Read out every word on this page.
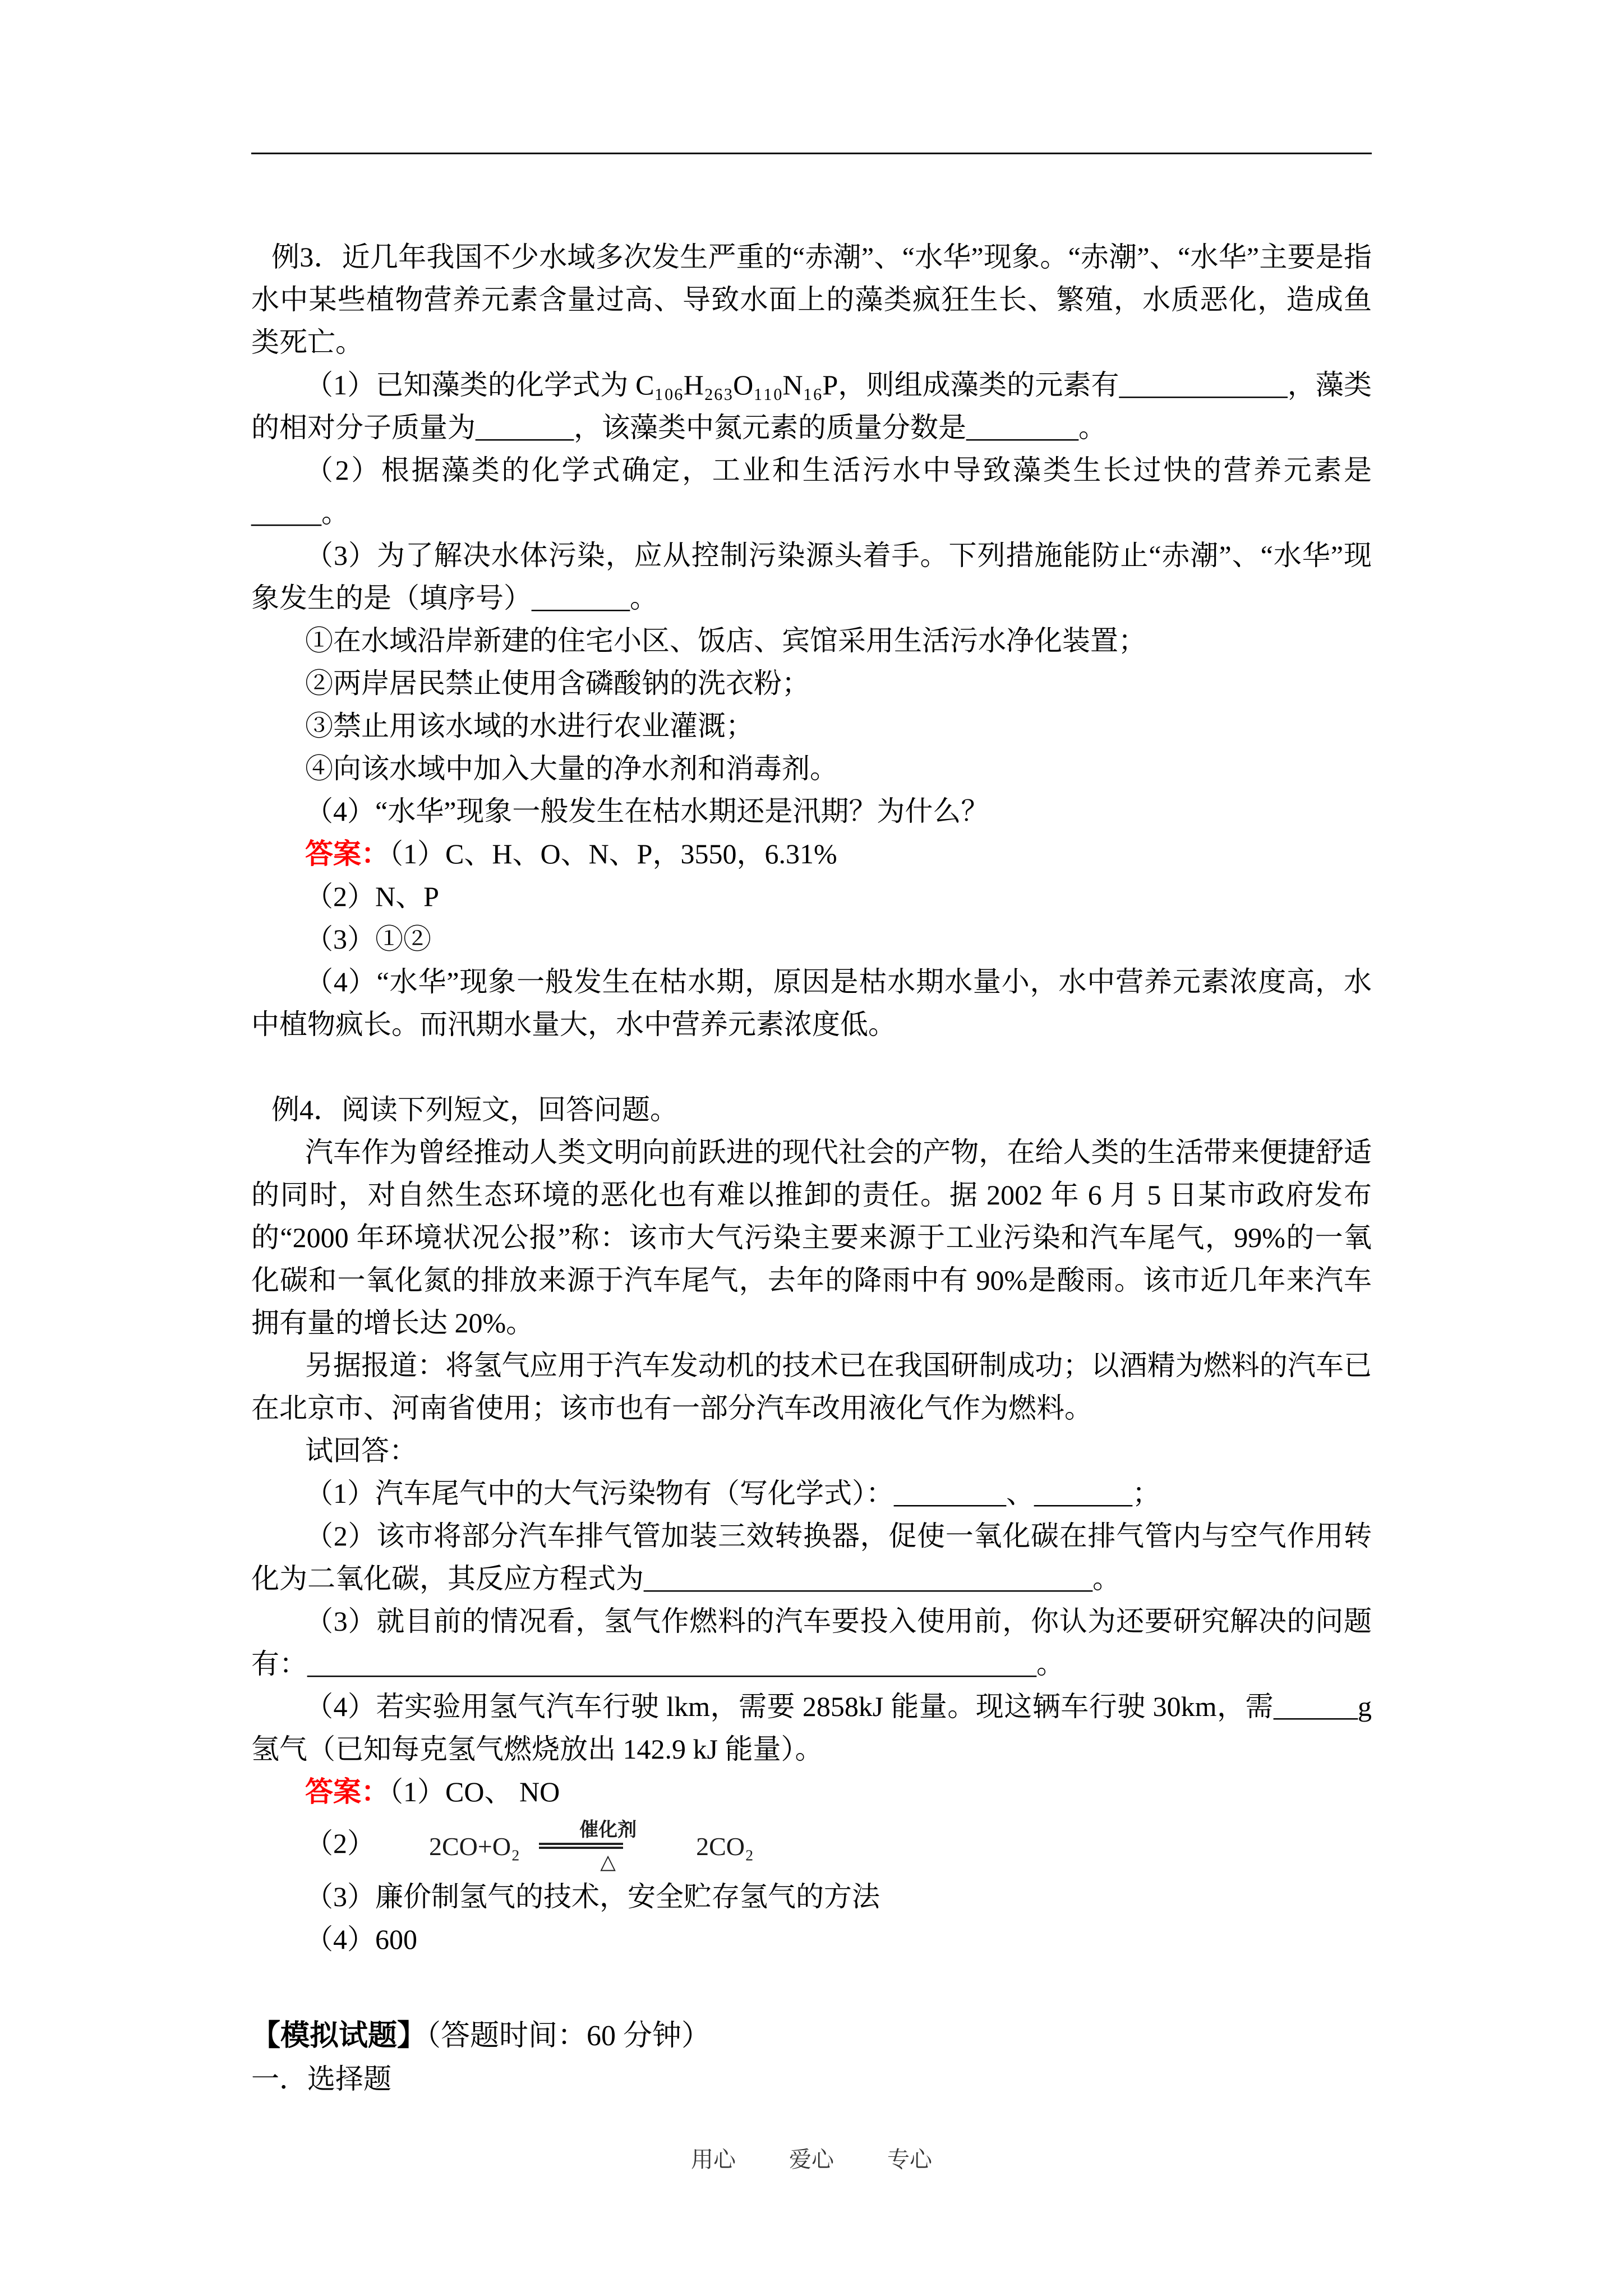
例3．近几年我国不少水域多次发生严重的“赤潮”、“水华”现象。“赤潮”、“水华”主要是指水中某些植物营养元素含量过高、导致水面上的藻类疯狂生长、繁殖，水质恶化，造成鱼类死亡。

（1）已知藻类的化学式为 C₁₀₆H₂₆₃O₁₁₀N₁₆P，则组成藻类的元素有____________，藻类的相对分子质量为_______，该藻类中氮元素的质量分数是________。

（2）根据藻类的化学式确定，工业和生活污水中导致藻类生长过快的营养元素是_____。

（3）为了解决水体污染，应从控制污染源头着手。下列措施能防止“赤潮”、“水华”现象发生的是（填序号）_______。

①在水域沿岸新建的住宅小区、饭店、宾馆采用生活污水净化装置；

②两岸居民禁止使用含磷酸钠的洗衣粉；

③禁止用该水域的水进行农业灌溉；

④向该水域中加入大量的净水剂和消毒剂。

（4）“水华”现象一般发生在枯水期还是汛期？为什么？

答案：（1）C、H、O、N、P，3550，6.31%

（2）N、P

（3）①②

（4）“水华”现象一般发生在枯水期，原因是枯水期水量小，水中营养元素浓度高，水中植物疯长。而汛期水量大，水中营养元素浓度低。

例4．阅读下列短文，回答问题。

汽车作为曾经推动人类文明向前跃进的现代社会的产物，在给人类的生活带来便捷舒适的同时，对自然生态环境的恶化也有难以推卸的责任。据 2002 年 6 月 5 日某市政府发布的“2000 年环境状况公报”称：该市大气污染主要来源于工业污染和汽车尾气，99%的一氧化碳和一氧化氮的排放来源于汽车尾气，去年的降雨中有 90%是酸雨。该市近几年来汽车拥有量的增长达 20%。

另据报道：将氢气应用于汽车发动机的技术已在我国研制成功；以酒精为燃料的汽车已在北京市、河南省使用；该市也有一部分汽车改用液化气作为燃料。

试回答：

（1）汽车尾气中的大气污染物有（写化学式）：________、_______；

（2）该市将部分汽车排气管加装三效转换器，促使一氧化碳在排气管内与空气作用转化为二氧化碳，其反应方程式为________________________________。

（3）就目前的情况看，氢气作燃料的汽车要投入使用前，你认为还要研究解决的问题有：____________________________________________________。

（4）若实验用氢气汽车行驶 lkm，需要 2858kJ 能量。现这辆车行驶 30km，需______g 氢气（已知每克氢气燃烧放出 142.9 kJ 能量）。

答案：（1）CO、 NO

（2）	2CO+O₂
催化剂
△
2CO₂

（3）廉价制氢气的技术，安全贮存氢气的方法

（4）600

【模拟试题】（答题时间：60 分钟）

一．选择题

用心 爱心 专心
